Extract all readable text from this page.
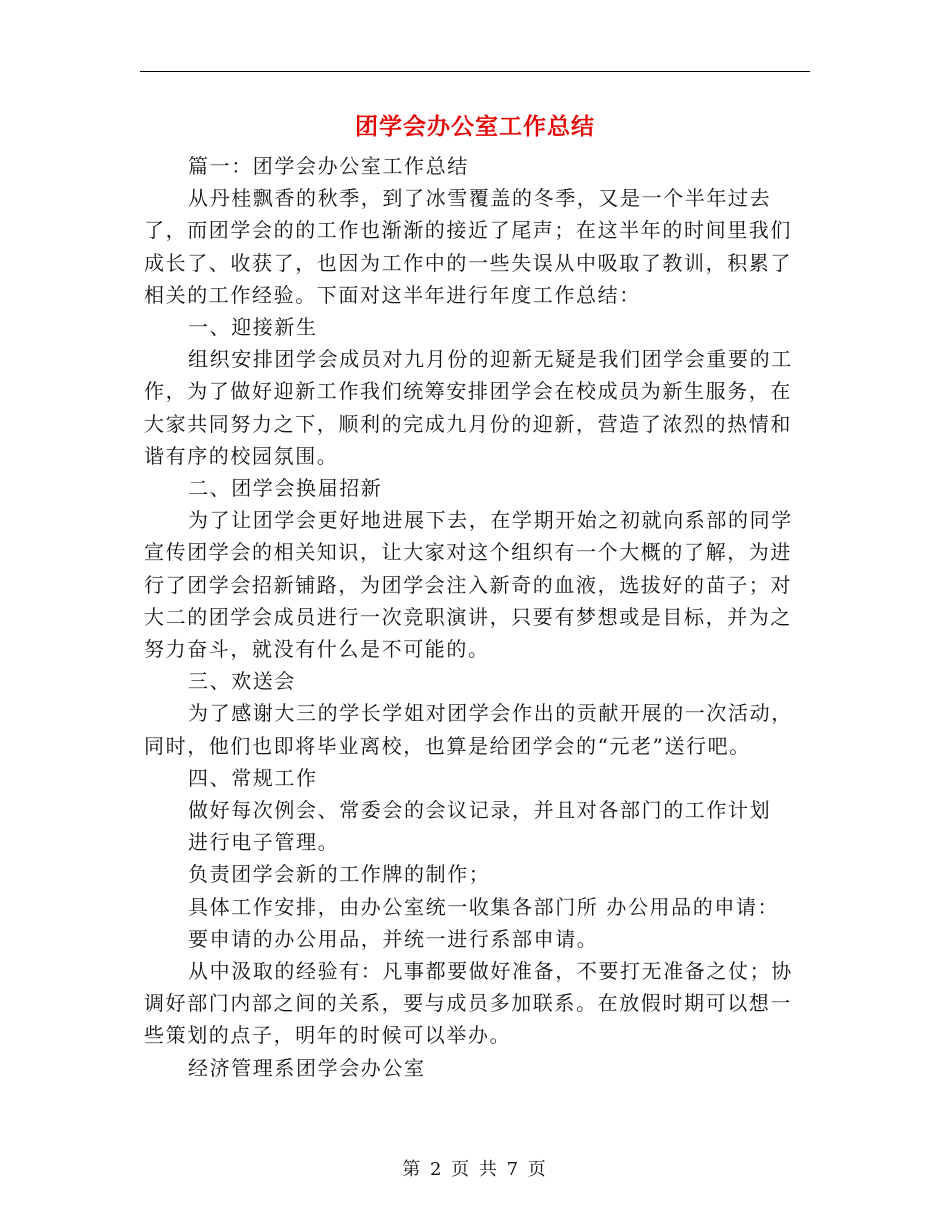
团学会办公室工作总结

篇一：团学会办公室工作总结

从丹桂飘香的秋季，到了冰雪覆盖的冬季，又是一个半年过去了，而团学会的的工作也渐渐的接近了尾声；在这半年的时间里我们成长了、收获了，也因为工作中的一些失误从中吸取了教训，积累了相关的工作经验。下面对这半年进行年度工作总结：

一、迎接新生

组织安排团学会成员对九月份的迎新无疑是我们团学会重要的工作，为了做好迎新工作我们统筹安排团学会在校成员为新生服务，在大家共同努力之下，顺利的完成九月份的迎新，营造了浓烈的热情和谐有序的校园氛围。

二、团学会换届招新

为了让团学会更好地进展下去，在学期开始之初就向系部的同学宣传团学会的相关知识，让大家对这个组织有一个大概的了解，为进行了团学会招新铺路，为团学会注入新奇的血液，选拔好的苗子；对大二的团学会成员进行一次竞职演讲，只要有梦想或是目标，并为之努力奋斗，就没有什么是不可能的。

三、欢送会

为了感谢大三的学长学姐对团学会作出的贡献开展的一次活动，同时，他们也即将毕业离校，也算是给团学会的“元老”送行吧。

四、常规工作

做好每次例会、常委会的会议记录，并且对各部门的工作计划

进行电子管理。

负责团学会新的工作牌的制作；

具体工作安排，由办公室统一收集各部门所 办公用品的申请：

要申请的办公用品，并统一进行系部申请。

从中汲取的经验有：凡事都要做好准备，不要打无准备之仗；协调好部门内部之间的关系，要与成员多加联系。在放假时期可以想一些策划的点子，明年的时候可以举办。

经济管理系团学会办公室

第 2 页 共 7 页
